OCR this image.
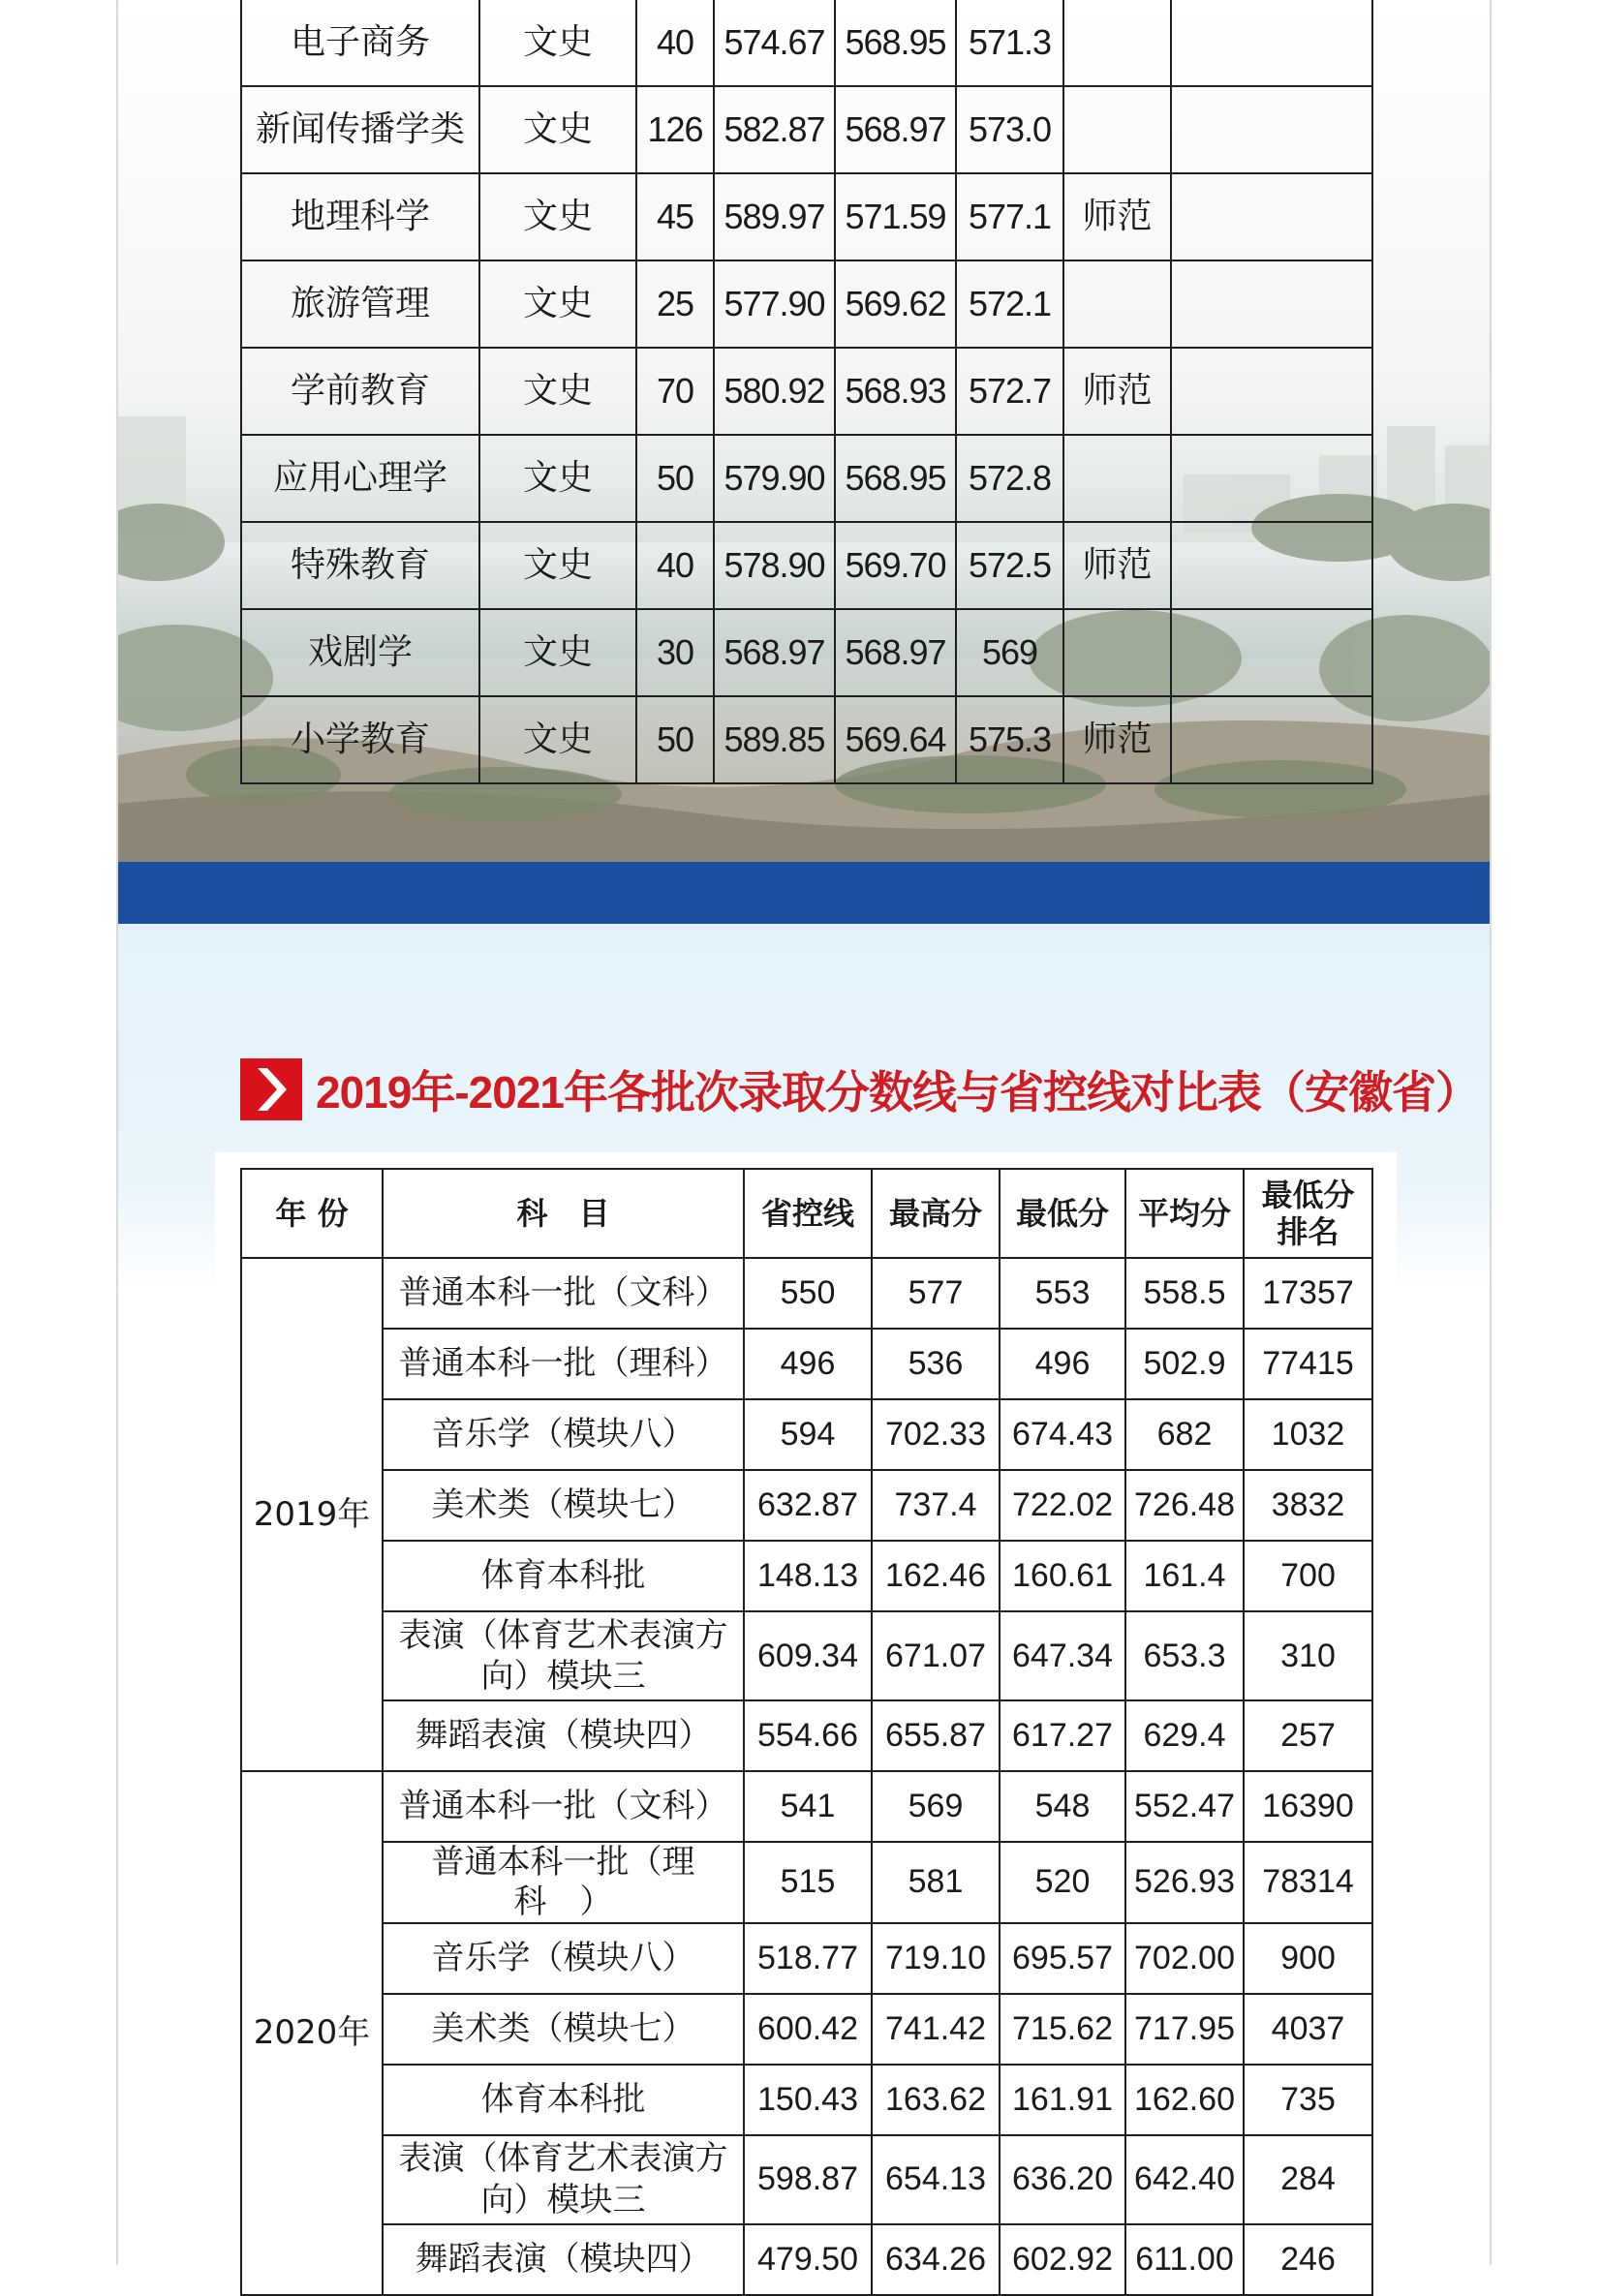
电子商务	文史	40	574.67	568.95	571.3		
新闻传播学类	文史	126	582.87	568.97	573.0		
地理科学	文史	45	589.97	571.59	577.1	师范	
旅游管理	文史	25	577.90	569.62	572.1		
学前教育	文史	70	580.92	568.93	572.7	师范	
应用心理学	文史	50	579.90	568.95	572.8		
特殊教育	文史	40	578.90	569.70	572.5	师范	
戏剧学	文史	30	568.97	568.97	569		
小学教育	文史	50	589.85	569.64	575.3	师范	
2019年-2021年各批次录取分数线与省控线对比表（安徽省）
年 份	科　目	省控线	最高分	最低分	平均分	最低分
排名

2019年	普通本科一批（文科）	550	577	553	558.5	17357

	普通本科一批（理科）	496	536	496	502.9	77415

	音乐学（模块八）	594	702.33	674.43	682	1032

	美术类（模块七）	632.87	737.4	722.02	726.48	3832

	体育本科批	148.13	162.46	160.61	161.4	700

	表演（体育艺术表演方
向）模块三	609.34	671.07	647.34	653.3	310

	舞蹈表演（模块四）	554.66	655.87	617.27	629.4	257
2020年	普通本科一批（文科）	541	569	548	552.47	16390

	普通本科一批（理科　）	515	581	520	526.93	78314

	音乐学（模块八）	518.77	719.10	695.57	702.00	900

	美术类（模块七）	600.42	741.42	715.62	717.95	4037

	体育本科批	150.43	163.62	161.91	162.60	735

	表演（体育艺术表演方
向）模块三	598.87	654.13	636.20	642.40	284

	舞蹈表演（模块四）	479.50	634.26	602.92	611.00	246
